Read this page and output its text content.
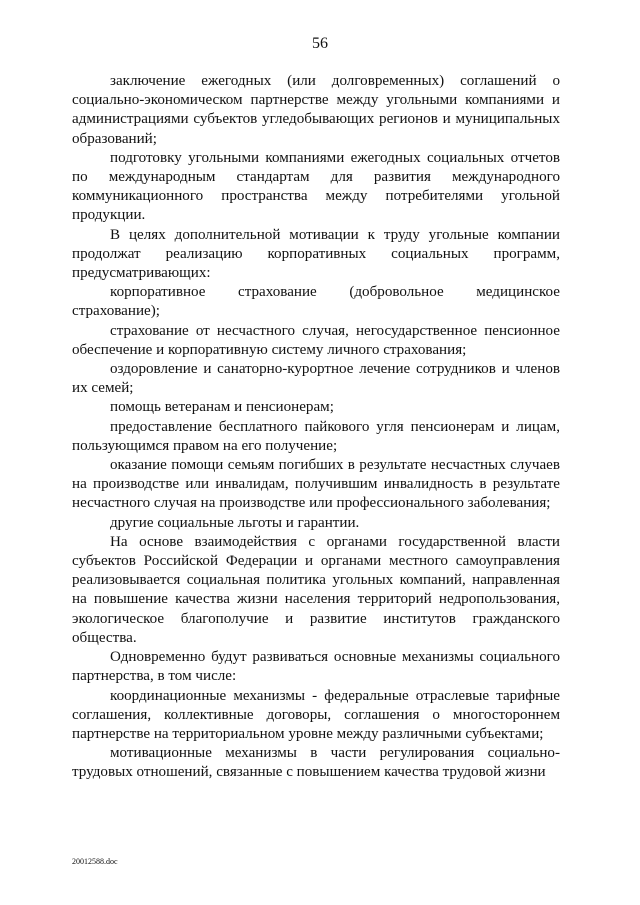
56

заключение ежегодных (или долговременных) соглашений о социально-экономическом партнерстве между угольными компаниями и администрациями субъектов угледобывающих регионов и муниципальных образований;

подготовку угольными компаниями ежегодных социальных отчетов по международным стандартам для развития международного коммуникационного пространства между потребителями угольной продукции.

В целях дополнительной мотивации к труду угольные компании продолжат реализацию корпоративных социальных программ, предусматривающих:

корпоративное страхование (добровольное медицинское страхование);

страхование от несчастного случая, негосударственное пенсионное обеспечение и корпоративную систему личного страхования;

оздоровление и санаторно-курортное лечение сотрудников и членов их семей;

помощь ветеранам и пенсионерам;

предоставление бесплатного пайкового угля пенсионерам и лицам, пользующимся правом на его получение;

оказание помощи семьям погибших в результате несчастных случаев на производстве или инвалидам, получившим инвалидность в результате несчастного случая на производстве или профессионального заболевания;

другие социальные льготы и гарантии.

На основе взаимодействия с органами государственной власти субъектов Российской Федерации и органами местного самоуправления реализовывается социальная политика угольных компаний, направленная на повышение качества жизни населения территорий недропользования, экологическое благополучие и развитие институтов гражданского общества.

Одновременно будут развиваться основные механизмы социального партнерства, в том числе:

координационные механизмы - федеральные отраслевые тарифные соглашения, коллективные договоры, соглашения о многостороннем партнерстве на территориальном уровне между различными субъектами;

мотивационные механизмы в части регулирования социально-трудовых отношений, связанные с повышением качества трудовой жизни

20012588.doc
